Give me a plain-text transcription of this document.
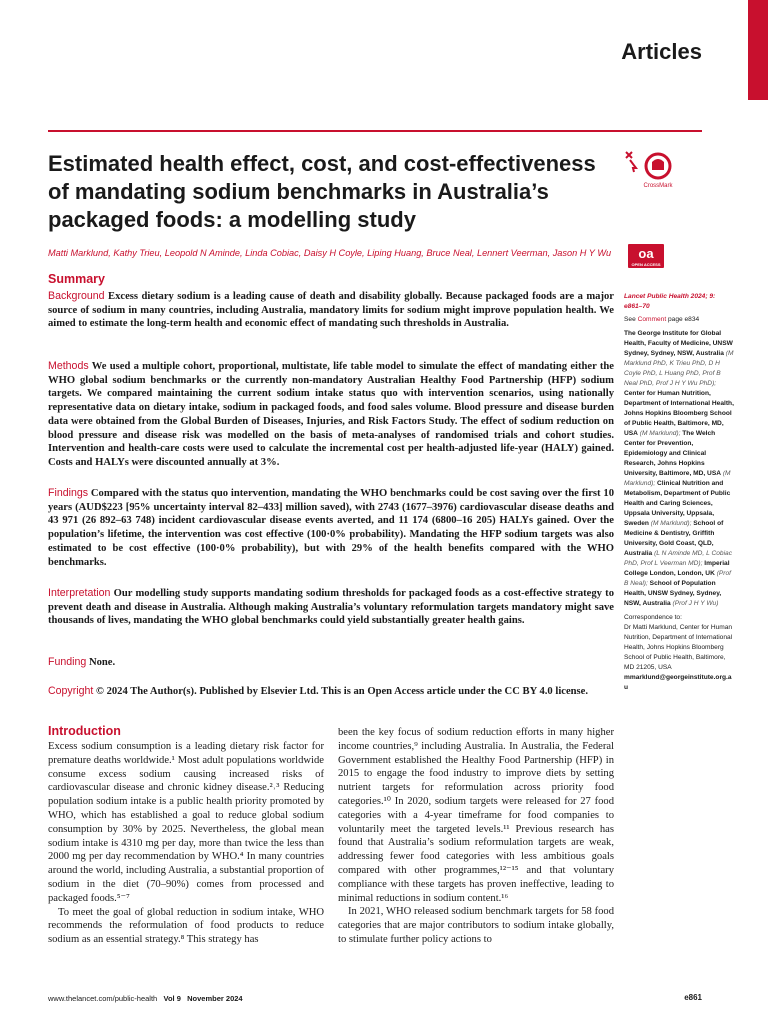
Articles
Estimated health effect, cost, and cost-effectiveness of mandating sodium benchmarks in Australia’s packaged foods: a modelling study
CrossMark
oa
OPEN ACCESS

Matti Marklund, Kathy Trieu, Leopold N Aminde, Linda Cobiac, Daisy H Coyle, Liping Huang, Bruce Neal, Lennert Veerman, Jason H Y Wu

Summary

Background Excess dietary sodium is a leading cause of death and disability globally. Because packaged foods are a major source of sodium in many countries, including Australia, mandatory limits for sodium might improve population health. We aimed to estimate the long-term health and economic effect of mandating such thresholds in Australia.

Methods We used a multiple cohort, proportional, multistate, life table model to simulate the effect of mandating either the WHO global sodium benchmarks or the currently non-mandatory Australian Healthy Food Partnership (HFP) sodium targets. We compared maintaining the current sodium intake status quo with intervention scenarios, using nationally representative data on dietary intake, sodium in packaged foods, and food sales volume. Blood pressure and disease burden data were obtained from the Global Burden of Diseases, Injuries, and Risk Factors Study. The effect of sodium reduction on blood pressure and disease risk was modelled on the basis of meta-analyses of randomised trials and cohort studies. Intervention and health-care costs were used to calculate the incremental cost per health-adjusted life-year (HALY) gained. Costs and HALYs were discounted annually at 3%.

Findings Compared with the status quo intervention, mandating the WHO benchmarks could be cost saving over the first 10 years (AUD$223 [95% uncertainty interval 82–433] million saved), with 2743 (1677–3976) cardiovascular disease deaths and 43 971 (26 892–63 748) incident cardiovascular disease events averted, and 11 174 (6800–16 205) HALYs gained. Over the population’s lifetime, the intervention was cost effective (100·0% probability). Mandating the HFP sodium targets was also estimated to be cost effective (100·0% probability), but with 29% of the health benefits compared with the WHO benchmarks.

Interpretation Our modelling study supports mandating sodium thresholds for packaged foods as a cost-effective strategy to prevent death and disease in Australia. Although making Australia’s voluntary reformulation targets mandatory might save thousands of lives, mandating the WHO global benchmarks could yield substantially greater health gains.

Funding None.

Copyright © 2024 The Author(s). Published by Elsevier Ltd. This is an Open Access article under the CC BY 4.0 license.

Introduction

Excess sodium consumption is a leading dietary risk factor for premature deaths worldwide.¹ Most adult populations worldwide consume excess sodium causing increased risks of cardiovascular disease and chronic kidney disease.²˒³ Reducing population sodium intake is a public health priority promoted by WHO, which has established a goal to reduce global sodium consumption by 30% by 2025. Nevertheless, the global mean sodium intake is 4310 mg per day, more than twice the less than 2000 mg per day recommendation by WHO.⁴ In many countries around the world, including Australia, a substantial proportion of sodium in the diet (70–90%) comes from processed and packaged foods.⁵⁻⁷

To meet the goal of global reduction in sodium intake, WHO recommends the reformulation of food products to reduce sodium as an essential strategy.⁸ This strategy has

been the key focus of sodium reduction efforts in many higher income countries,⁹ including Australia. In Australia, the Federal Government established the Healthy Food Partnership (HFP) in 2015 to engage the food industry to improve diets by setting nutrient targets for reformulation across priority food categories.¹⁰ In 2020, sodium targets were released for 27 food categories with a 4-year timeframe for food companies to voluntarily meet the targeted levels.¹¹ Previous research has found that Australia’s sodium reformulation targets are weak, addressing fewer food categories with less ambitious goals compared with other programmes,¹²⁻¹⁵ and that voluntary compliance with these targets has proven ineffective, leading to minimal reductions in sodium content.¹⁶

In 2021, WHO released sodium benchmark targets for 58 food categories that are major contributors to sodium intake globally, to stimulate further policy actions to

Lancet Public Health 2024; 9: e861–70
See Comment page e834
The George Institute for Global Health, Faculty of Medicine, UNSW Sydney, Sydney, NSW, Australia (M Marklund PhD, K Trieu PhD, D H Coyle PhD, L Huang PhD, Prof B Neal PhD, Prof J H Y Wu PhD); Center for Human Nutrition, Department of International Health, Johns Hopkins Bloomberg School of Public Health, Baltimore, MD, USA (M Marklund); The Welch Center for Prevention, Epidemiology and Clinical Research, Johns Hopkins University, Baltimore, MD, USA (M Marklund); Clinical Nutrition and Metabolism, Department of Public Health and Caring Sciences, Uppsala University, Uppsala, Sweden (M Marklund); School of Medicine & Dentistry, Griffith University, Gold Coast, QLD, Australia (L N Aminde MD, L Cobiac PhD, Prof L Veerman MD); Imperial College London, London, UK (Prof B Neal); School of Population Health, UNSW Sydney, Sydney, NSW, Australia (Prof J H Y Wu)
Correspondence to:
Dr Matti Marklund, Center for Human Nutrition, Department of International Health, Johns Hopkins Bloomberg School of Public Health, Baltimore, MD 21205, USA
mmarklund@georgeinstitute.org.au
www.thelancet.com/public-health Vol 9 November 2024	e861
